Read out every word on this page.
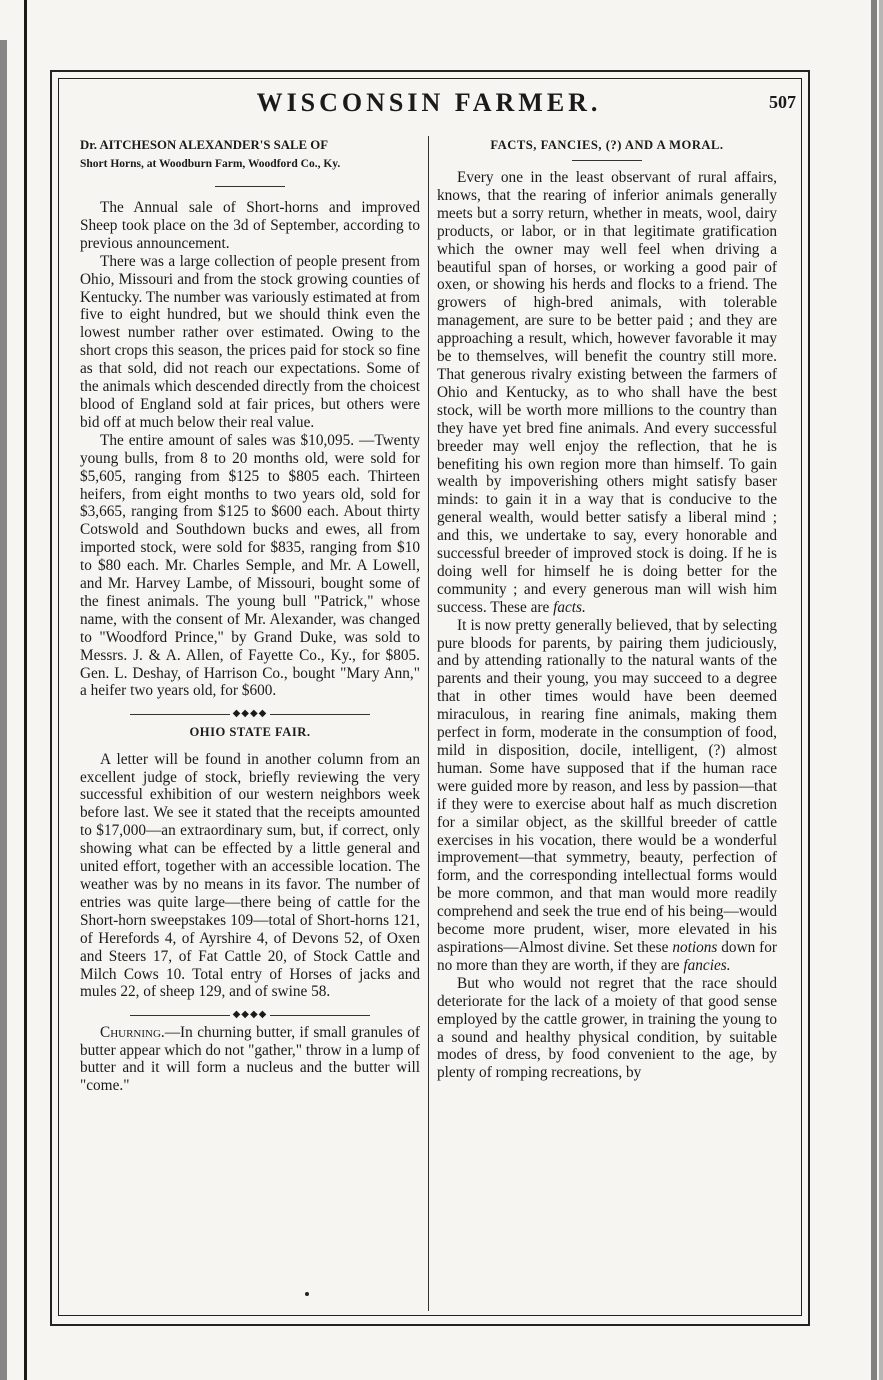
WISCONSIN FARMER.	507
Dr. AITCHESON ALEXANDER'S SALE OF
Short Horns, at Woodburn Farm, Woodford Co., Ky.

The Annual sale of Short-horns and improved Sheep took place on the 3d of September, according to previous announcement.

There was a large collection of people present from Ohio, Missouri and from the stock growing counties of Kentucky. The number was variously estimated at from five to eight hundred, but we should think even the lowest number rather over estimated. Owing to the short crops this season, the prices paid for stock so fine as that sold, did not reach our expectations. Some of the animals which descended directly from the choicest blood of England sold at fair prices, but others were bid off at much below their real value.

The entire amount of sales was $10,095. —Twenty young bulls, from 8 to 20 months old, were sold for $5,605, ranging from $125 to $805 each. Thirteen heifers, from eight months to two years old, sold for $3,665, ranging from $125 to $600 each. About thirty Cotswold and Southdown bucks and ewes, all from imported stock, were sold for $835, ranging from $10 to $80 each. Mr. Charles Semple, and Mr. A Lowell, and Mr. Harvey Lambe, of Missouri, bought some of the finest animals. The young bull "Patrick," whose name, with the consent of Mr. Alexander, was changed to "Woodford Prince," by Grand Duke, was sold to Messrs. J. & A. Allen, of Fayette Co., Ky., for $805. Gen. L. Deshay, of Harrison Co., bought "Mary Ann," a heifer two years old, for $600.

◆◆◆◆
OHIO STATE FAIR.

A letter will be found in another column from an excellent judge of stock, briefly reviewing the very successful exhibition of our western neighbors week before last. We see it stated that the receipts amounted to $17,000—an extraordinary sum, but, if correct, only showing what can be effected by a little general and united effort, together with an accessible location. The weather was by no means in its favor. The number of entries was quite large—there being of cattle for the Short-horn sweepstakes 109—total of Short-horns 121, of Herefords 4, of Ayrshire 4, of Devons 52, of Oxen and Steers 17, of Fat Cattle 20, of Stock Cattle and Milch Cows 10. Total entry of Horses of jacks and mules 22, of sheep 129, and of swine 58.

◆◆◆◆

Churning.—In churning butter, if small granules of butter appear which do not "gather," throw in a lump of butter and it will form a nucleus and the butter will "come."

FACTS, FANCIES, (?) AND A MORAL.

Every one in the least observant of rural affairs, knows, that the rearing of inferior animals generally meets but a sorry return, whether in meats, wool, dairy products, or labor, or in that legitimate gratification which the owner may well feel when driving a beautiful span of horses, or working a good pair of oxen, or showing his herds and flocks to a friend. The growers of high-bred animals, with tolerable management, are sure to be better paid ; and they are approaching a result, which, however favorable it may be to themselves, will benefit the country still more. That generous rivalry existing between the farmers of Ohio and Kentucky, as to who shall have the best stock, will be worth more millions to the country than they have yet bred fine animals. And every successful breeder may well enjoy the reflection, that he is benefiting his own region more than himself. To gain wealth by impoverishing others might satisfy baser minds: to gain it in a way that is conducive to the general wealth, would better satisfy a liberal mind ; and this, we undertake to say, every honorable and successful breeder of improved stock is doing. If he is doing well for himself he is doing better for the community ; and every generous man will wish him success. These are facts.

It is now pretty generally believed, that by selecting pure bloods for parents, by pairing them judiciously, and by attending rationally to the natural wants of the parents and their young, you may succeed to a degree that in other times would have been deemed miraculous, in rearing fine animals, making them perfect in form, moderate in the consumption of food, mild in disposition, docile, intelligent, (?) almost human. Some have supposed that if the human race were guided more by reason, and less by passion—that if they were to exercise about half as much discretion for a similar object, as the skillful breeder of cattle exercises in his vocation, there would be a wonderful improvement—that symmetry, beauty, perfection of form, and the corresponding intellectual forms would be more common, and that man would more readily comprehend and seek the true end of his being—would become more prudent, wiser, more elevated in his aspirations—Almost divine. Set these notions down for no more than they are worth, if they are fancies.

But who would not regret that the race should deteriorate for the lack of a moiety of that good sense employed by the cattle grower, in training the young to a sound and healthy physical condition, by suitable modes of dress, by food convenient to the age, by plenty of romping recreations, by
